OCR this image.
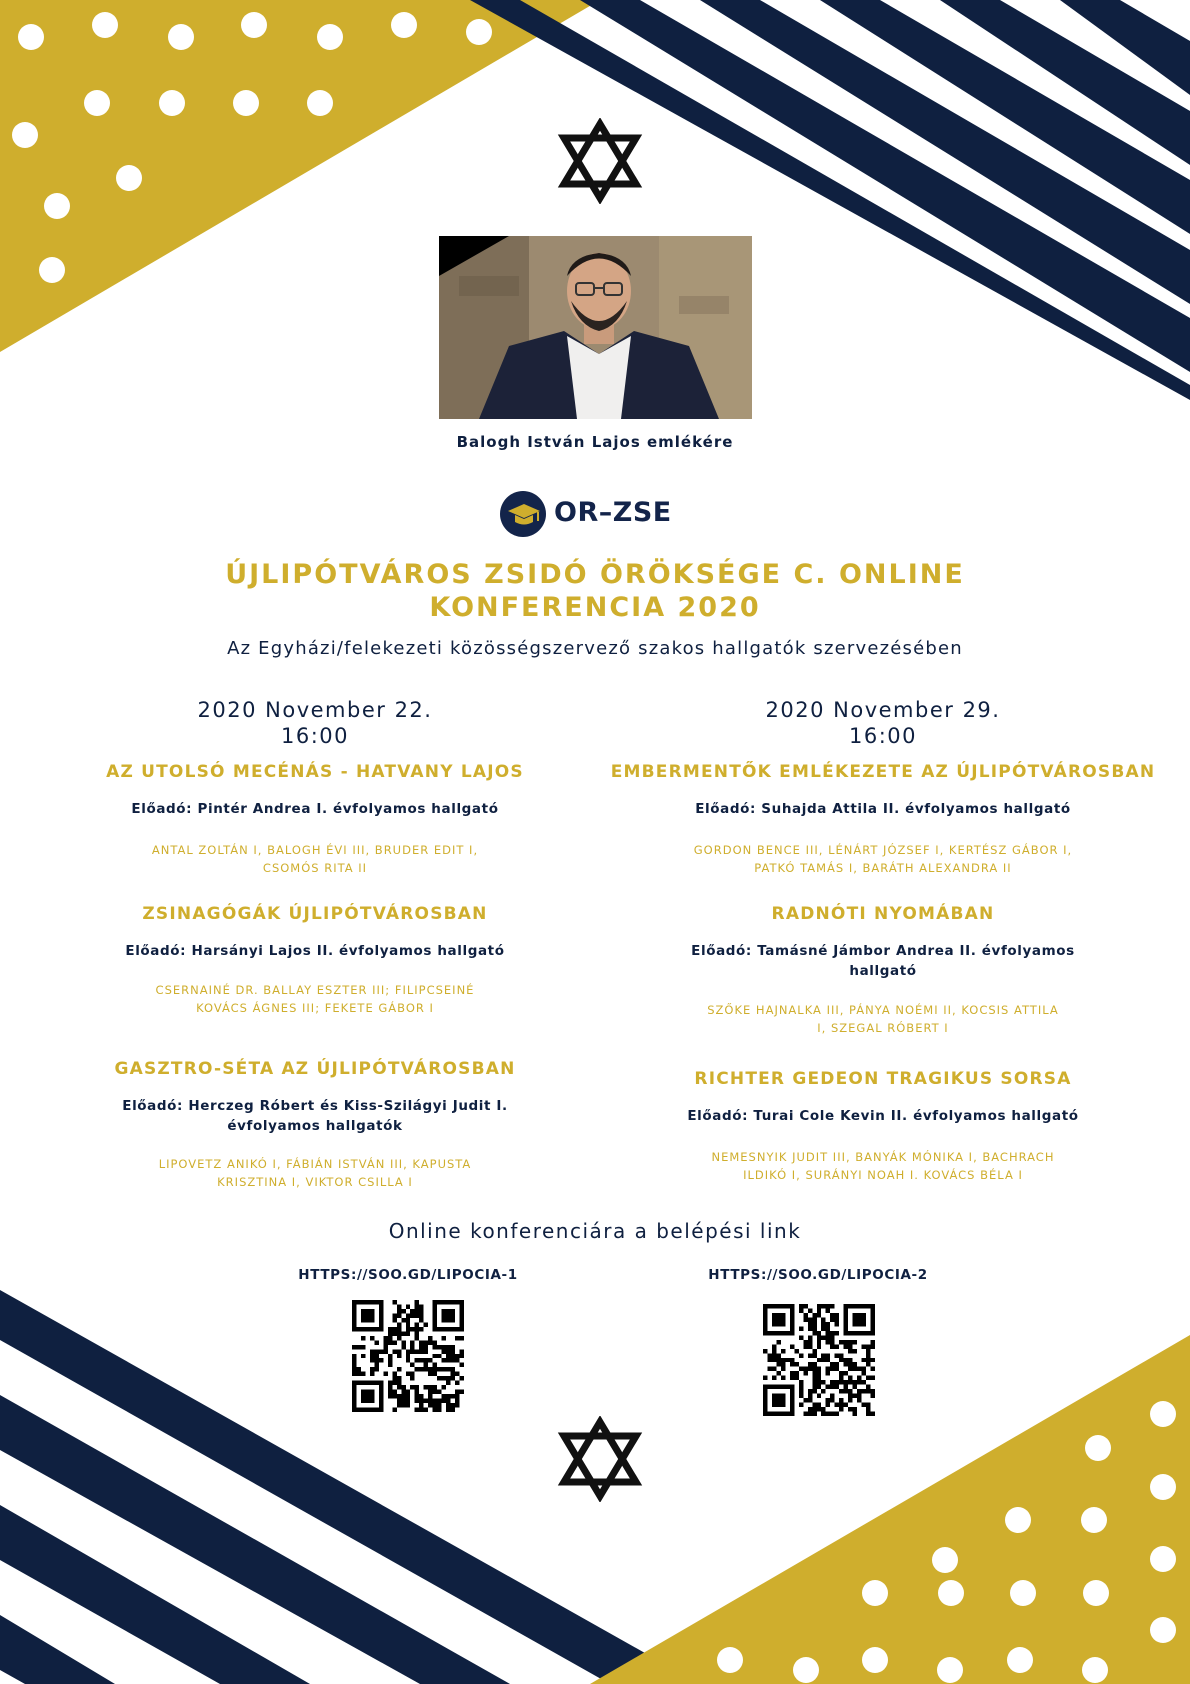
Balogh István Lajos emlékére
OR–ZSE
ÚJLIPÓTVÁROS ZSIDÓ ÖRÖKSÉGE C. ONLINE
KONFERENCIA 2020
Az Egyházi/felekezeti közösségszervező szakos hallgatók szervezésében
2020 November 22.
16:00
AZ UTOLSÓ MECÉNÁS - HATVANY LAJOS
Előadó: Pintér Andrea I. évfolyamos hallgató
ANTAL ZOLTÁN I, BALOGH ÉVI III, BRUDER EDIT I, CSOMÓS RITA II
ZSINAGÓGÁK ÚJLIPÓTVÁROSBAN
Előadó: Harsányi Lajos II. évfolyamos hallgató
CSERNAINÉ DR. BALLAY ESZTER III; FILIPCSEINÉ KOVÁCS ÁGNES III; FEKETE GÁBOR I
GASZTRO-SÉTA AZ ÚJLIPÓTVÁROSBAN
Előadó: Herczeg Róbert és Kiss-Szilágyi Judit I. évfolyamos hallgatók
LIPOVETZ ANIKÓ I, FÁBIÁN ISTVÁN III, KAPUSTA KRISZTINA I, VIKTOR CSILLA I
2020 November 29.
16:00
EMBERMENTŐK EMLÉKEZETE AZ ÚJLIPÓTVÁROSBAN
Előadó: Suhajda Attila II. évfolyamos hallgató
GORDON BENCE III, LÉNÁRT JÓZSEF I, KERTÉSZ GÁBOR I, PATKÓ TAMÁS I, BARÁTH ALEXANDRA II
RADNÓTI NYOMÁBAN
Előadó: Tamásné Jámbor Andrea II. évfolyamos hallgató
SZŐKE HAJNALKA III, PÁNYA NOÉMI II, KOCSIS ATTILA I, SZEGAL RÓBERT I
RICHTER GEDEON TRAGIKUS SORSA
Előadó: Turai Cole Kevin II. évfolyamos hallgató
NEMESNYIK JUDIT III, BANYÁK MÓNIKA I, BACHRACH ILDIKÓ I, SURÁNYI NOAH I. KOVÁCS BÉLA I
Online konferenciára a belépési link
HTTPS://SOO.GD/LIPOCIA-1	HTTPS://SOO.GD/LIPOCIA-2
